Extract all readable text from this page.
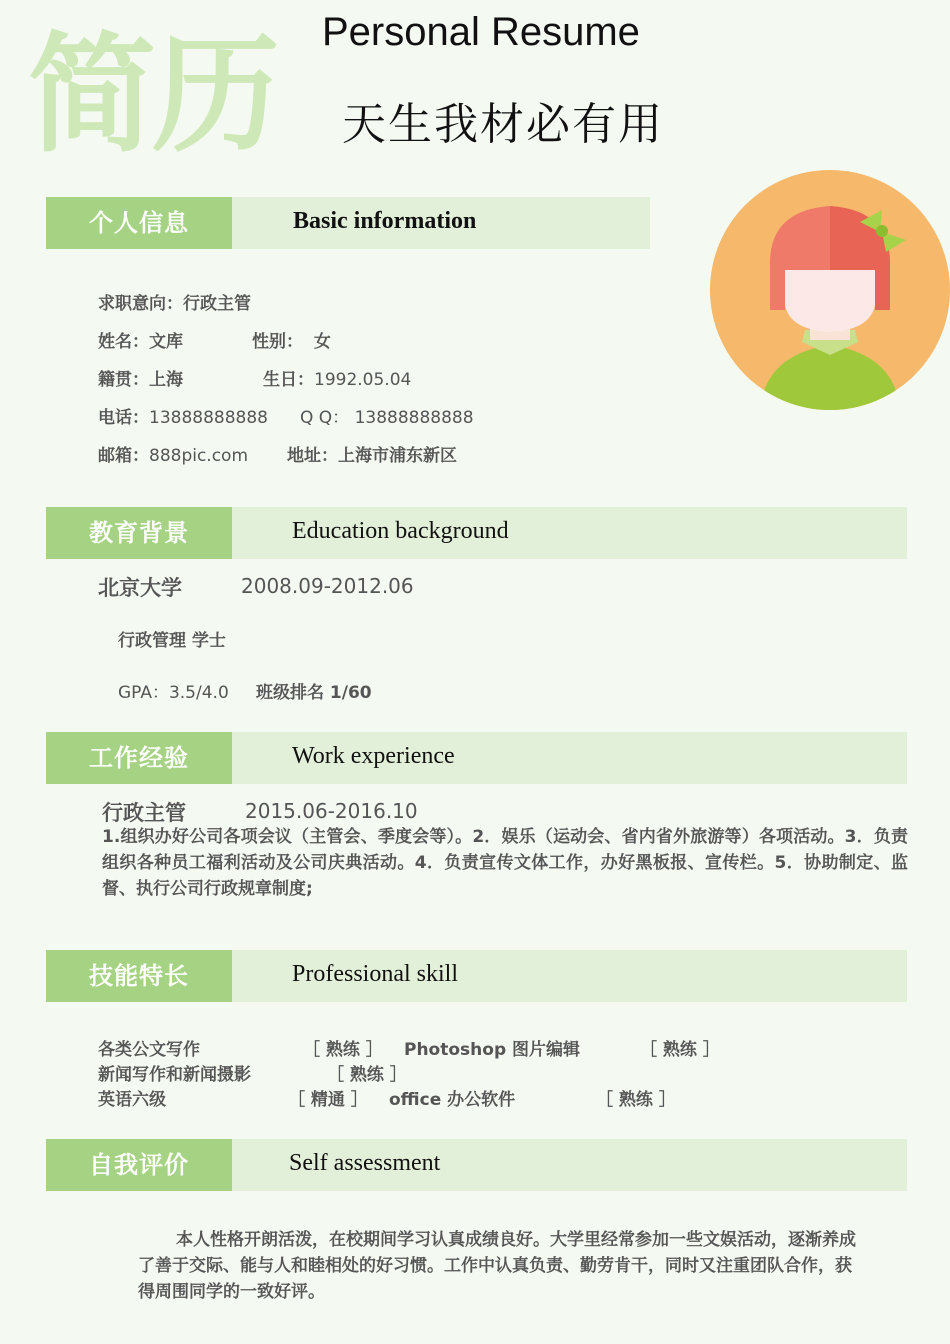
简历 Personal Resume
天生我材必有用
个人信息	Basic information
求职意向：行政主管
姓名：文库	性别： 女
籍贯：上海	生日：1992.05.04
电话：13888888888 Q Q： 13888888888
邮箱：888pic.com 地址：上海市浦东新区
教育背景	Education background
北京大学	2008.09-2012.06
行政管理 学士
GPA：3.5/4.0 班级排名 1/60
工作经验	Work experience
行政主管	2015.06-2016.10
1.组织办好公司各项会议（主管会、季度会等）。2．娱乐（运动会、省内省外旅游等）各项活动。3．负责组织各种员工福利活动及公司庆典活动。4．负责宣传文体工作，办好黑板报、宣传栏。5．协助制定、监督、执行公司行政规章制度;
技能特长	Professional skill
各类公文写作	［ 熟练 ］ Photoshop 图片编辑	［ 熟练 ］
新闻写作和新闻摄影	［ 熟练 ］
英语六级	［ 精通 ］ office 办公软件	［ 熟练 ］
自我评价	Self assessment
本人性格开朗活泼，在校期间学习认真成绩良好。大学里经常参加一些文娱活动，逐渐养成了善于交际、能与人和睦相处的好习惯。工作中认真负责、勤劳肯干，同时又注重团队合作，获得周围同学的一致好评。
